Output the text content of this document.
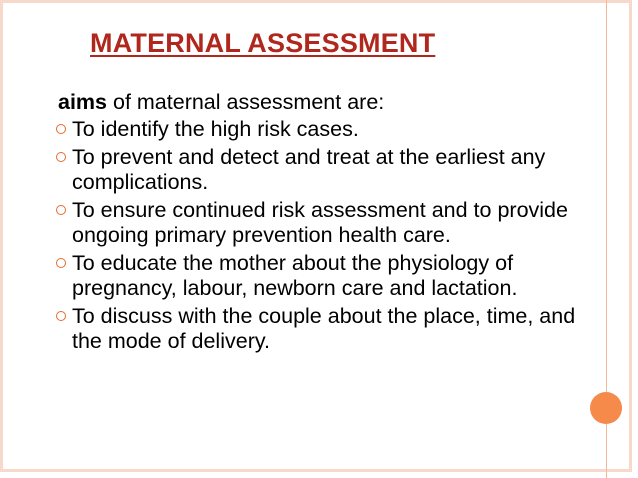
MATERNAL ASSESSMENT
aims of maternal assessment are:
To identify the high risk cases.
To prevent and detect and treat at the earliest any complications.
To ensure continued risk assessment and to provide ongoing primary prevention health care.
To educate the mother about the physiology of pregnancy, labour, newborn care and lactation.
To discuss with the couple about the place, time, and the mode of delivery.
